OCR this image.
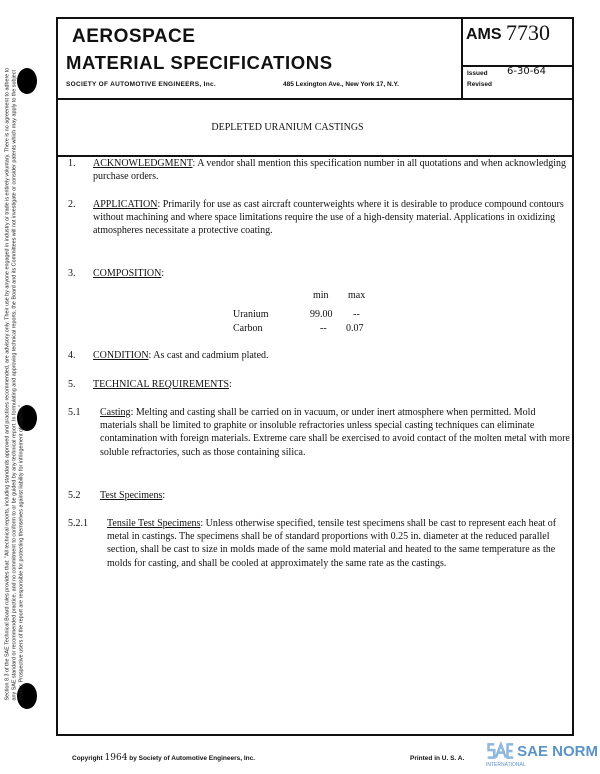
AEROSPACE
MATERIAL SPECIFICATIONS
SOCIETY OF AUTOMOTIVE ENGINEERS, Inc.	485 Lexington Ave., New York 17, N.Y.
AMS 7730
Issued 6-30-64
Revised
DEPLETED URANIUM CASTINGS
1. ACKNOWLEDGMENT: A vendor shall mention this specification number in all quotations and when acknowledging purchase orders.
2. APPLICATION: Primarily for use as cast aircraft counterweights where it is desirable to produce compound contours without machining and where space limitations require the use of a high-density material. Applications in oxidizing atmospheres necessitate a protective coating.
3. COMPOSITION:
min max
Uranium	99.00 --
Carbon	-- 0.07
4. CONDITION: As cast and cadmium plated.
5. TECHNICAL REQUIREMENTS:
5.1 Casting: Melting and casting shall be carried on in vacuum, or under inert atmosphere when permitted. Mold materials shall be limited to graphite or insoluble refractories unless special casting techniques can eliminate contamination with foreign materials. Extreme care shall be exercised to avoid contact of the molten metal with more soluble refractories, such as those containing silica.
5.2 Test Specimens:
5.2.1 Tensile Test Specimens: Unless otherwise specified, tensile test specimens shall be cast to represent each heat of metal in castings. The specimens shall be of standard proportions with 0.25 in. diameter at the reduced parallel section, shall be cast to size in molds made of the same mold material and heated to the same temperature as the molds for casting, and shall be cooled at approximately the same rate as the castings.
Section 8.3 of the SAE Technical Board rules provides that: "All technical reports, including standards approved and practices recommended, are advisory only. Their use by anyone engaged in industry or trade is entirely voluntary. There is no agreement to adhere to any SAE standard or recommended practice, and no commitment to conform to or be guided by any technical report. In formulating and approving technical reports, the Board and its Committees will not investigate or consider patents which may apply to the subject matter. Prospective users of the report are responsible for protecting themselves against liability for infringement of patents."
Copyright 1964 by Society of Automotive Engineers, Inc.	Printed in U. S. A.	SAE NORM
INTERNATIONAL
